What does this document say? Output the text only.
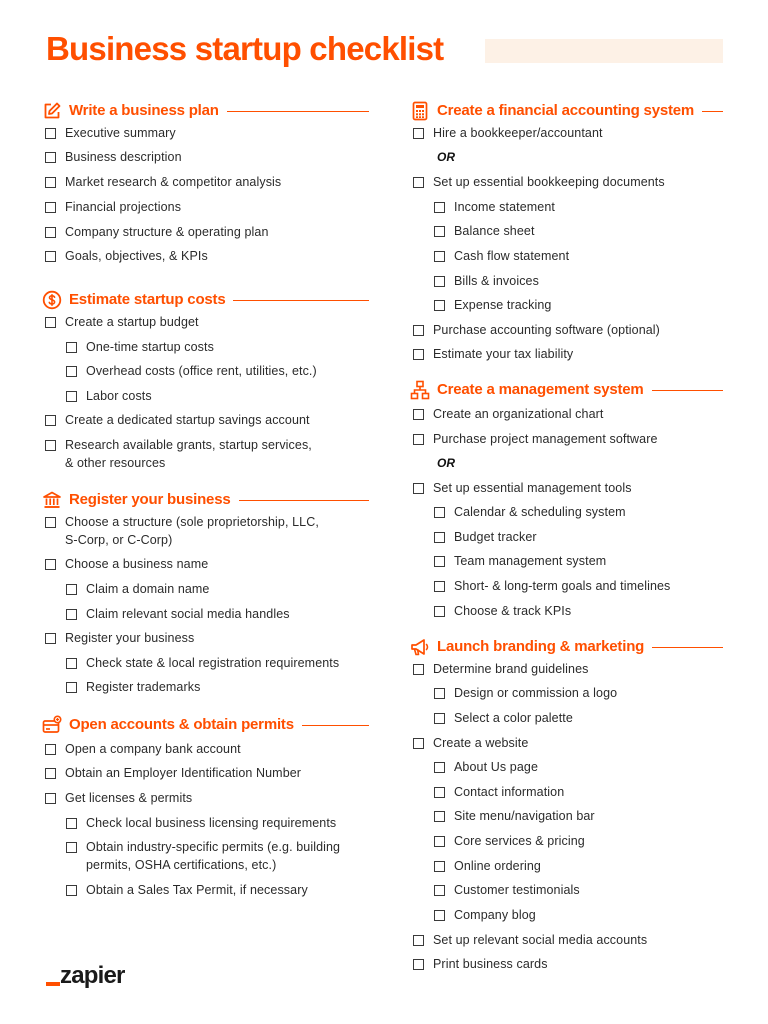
Business startup checklist
Write a business plan
Executive summary
Business description
Market research & competitor analysis
Financial projections
Company structure & operating plan
Goals, objectives, & KPIs
Estimate startup costs
Create a startup budget
One-time startup costs
Overhead costs (office rent, utilities, etc.)
Labor costs
Create a dedicated startup savings account
Research available grants, startup services,
& other resources
Register your business
Choose a structure (sole proprietorship, LLC,
S-Corp, or C-Corp)
Choose a business name
Claim a domain name
Claim relevant social media handles
Register your business
Check state & local registration requirements
Register trademarks
Open accounts & obtain permits
Open a company bank account
Obtain an Employer Identification Number
Get licenses & permits
Check local business licensing requirements
Obtain industry-specific permits (e.g. building
permits, OSHA certifications, etc.)
Obtain a Sales Tax Permit, if necessary
Create a financial accounting system
Hire a bookkeeper/accountant
OR
Set up essential bookkeeping documents
Income statement
Balance sheet
Cash flow statement
Bills & invoices
Expense tracking
Purchase accounting software (optional)
Estimate your tax liability
Create a management system
Create an organizational chart
Purchase project management software
OR
Set up essential management tools
Calendar & scheduling system
Budget tracker
Team management system
Short- & long-term goals and timelines
Choose & track KPIs
Launch branding & marketing
Determine brand guidelines
Design or commission a logo
Select a color palette
Create a website
About Us page
Contact information
Site menu/navigation bar
Core services & pricing
Online ordering
Customer testimonials
Company blog
Set up relevant social media accounts
Print business cards
zapier
